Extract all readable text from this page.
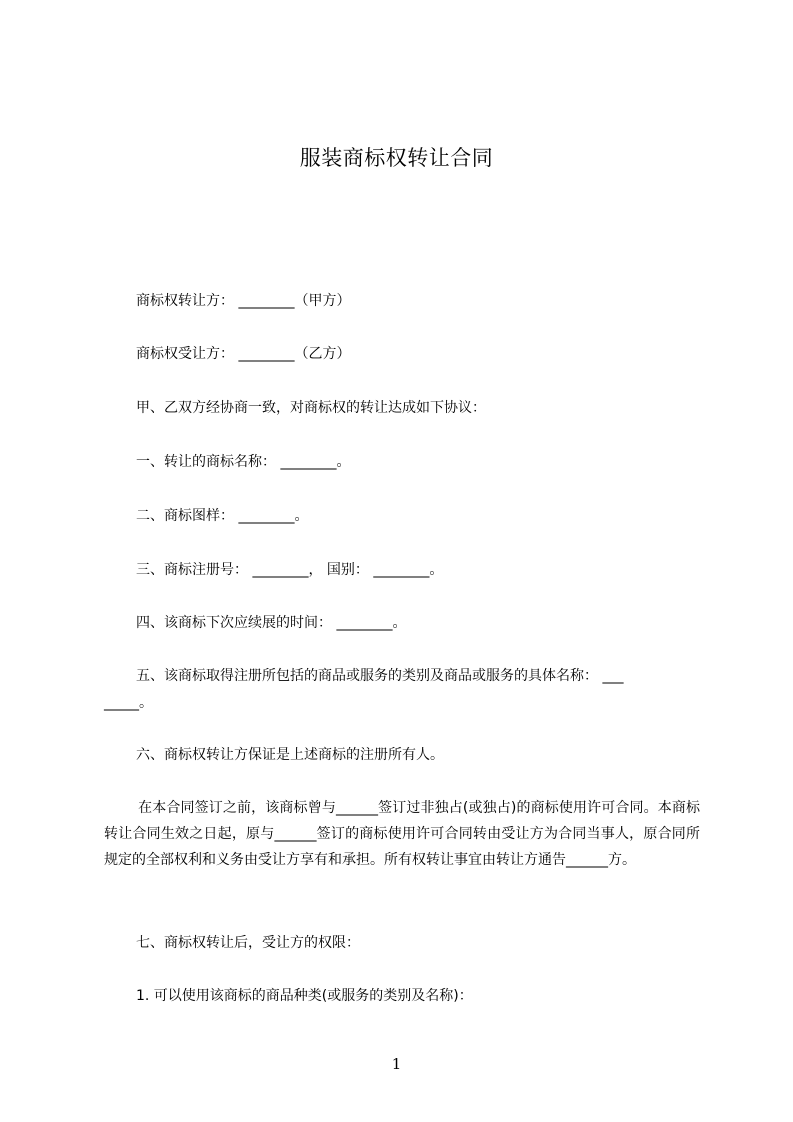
服装商标权转让合同
商标权转让方： ________（甲方）
商标权受让方： ________（乙方）
甲、乙双方经协商一致，对商标权的转让达成如下协议：
一、转让的商标名称： ________。
二、商标图样： ________。
三、商标注册号： ________， 国别： ________。
四、该商标下次应续展的时间： ________。
五、该商标取得注册所包括的商品或服务的类别及商品或服务的具体名称： ___
_____。
六、商标权转让方保证是上述商标的注册所有人。
在本合同签订之前，该商标曾与______签订过非独占(或独占)的商标使用许可合同。本商标转让合同生效之日起，原与______签订的商标使用许可合同转由受让方为合同当事人，原合同所规定的全部权利和义务由受让方享有和承担。所有权转让事宜由转让方通告______方。
七、商标权转让后，受让方的权限：
1. 可以使用该商标的商品种类(或服务的类别及名称)：
1
